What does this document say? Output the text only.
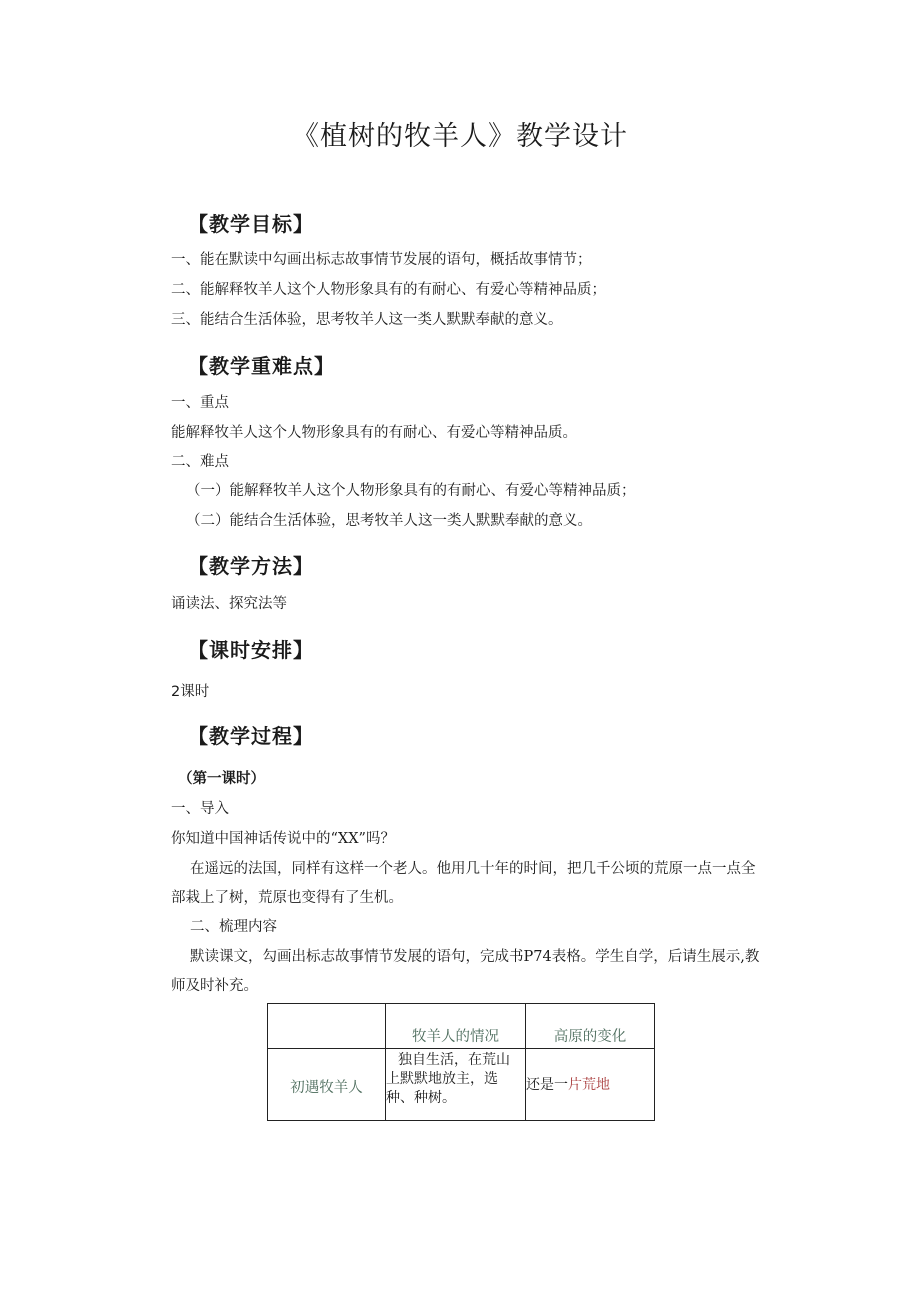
《植树的牧羊人》教学设计
【教学目标】
一、能在默读中勾画出标志故事情节发展的语句，概括故事情节；
二、能解释牧羊人这个人物形象具有的有耐心、有爱心等精神品质；
三、能结合生活体验，思考牧羊人这一类人默默奉献的意义。
【教学重难点】
一、重点
能解释牧羊人这个人物形象具有的有耐心、有爱心等精神品质。
二、难点
（一）能解释牧羊人这个人物形象具有的有耐心、有爱心等精神品质；
（二）能结合生活体验，思考牧羊人这一类人默默奉献的意义。
【教学方法】
诵读法、探究法等
【课时安排】
2课时
【教学过程】
（第一课时）
一、导入
你知道中国神话传说中的“XX”吗？
在遥远的法国，同样有这样一个老人。他用几十年的时间，把几千公顷的荒原一点一点全
部栽上了树，荒原也变得有了生机。
二、梳理内容
默读课文，勾画出标志故事情节发展的语句，完成书P74表格。学生自学，后请生展示,教
师及时补充。
	牧羊人的情况	高原的变化
初遇牧羊人	独自生活，在荒山
上默默地放主，选
种、种树。	还是一片荒地
